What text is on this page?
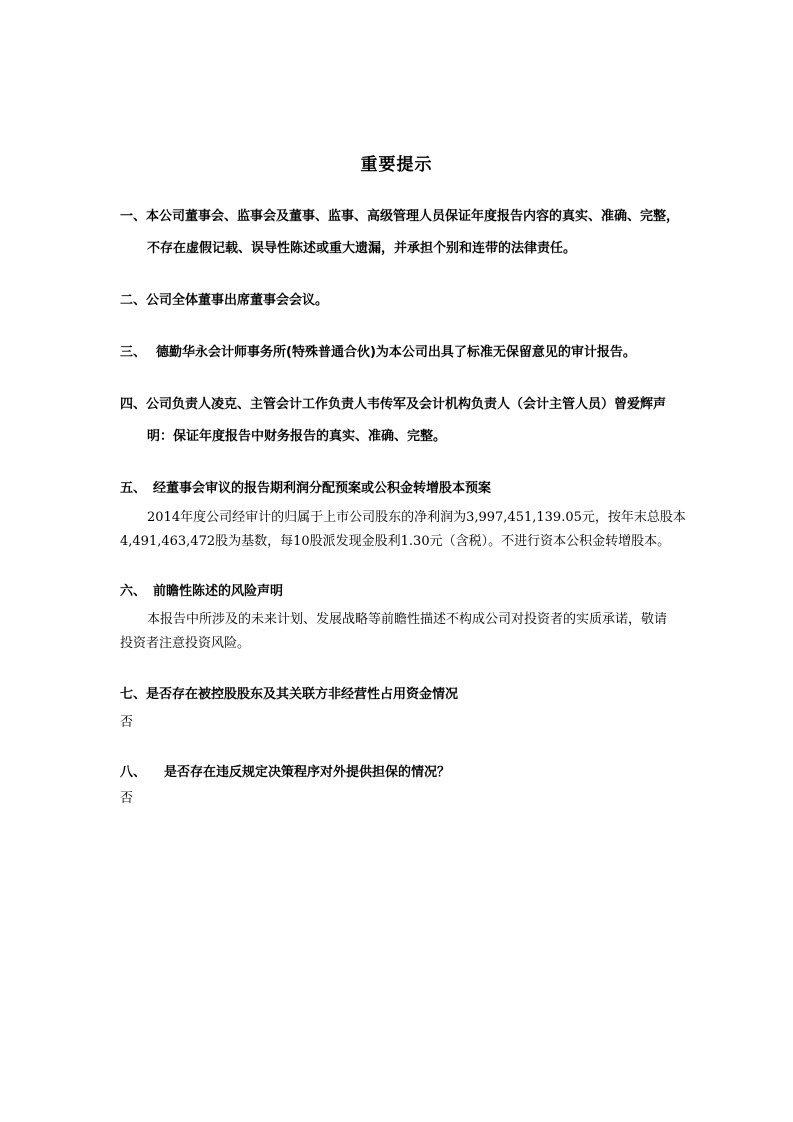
重要提示
一、本公司董事会、监事会及董事、监事、高级管理人员保证年度报告内容的真实、准确、完整，
不存在虚假记载、误导性陈述或重大遗漏，并承担个别和连带的法律责任。
二、公司全体董事出席董事会会议。
三、 德勤华永会计师事务所(特殊普通合伙)为本公司出具了标准无保留意见的审计报告。
四、公司负责人凌克、主管会计工作负责人韦传军及会计机构负责人（会计主管人员）曾爱辉声
明：保证年度报告中财务报告的真实、准确、完整。
五、 经董事会审议的报告期利润分配预案或公积金转增股本预案
2014年度公司经审计的归属于上市公司股东的净利润为3,997,451,139.05元，按年末总股本
4,491,463,472股为基数，每10股派发现金股利1.30元（含税）。不进行资本公积金转增股本。
六、 前瞻性陈述的风险声明
本报告中所涉及的未来计划、发展战略等前瞻性描述不构成公司对投资者的实质承诺，敬请
投资者注意投资风险。
七、是否存在被控股股东及其关联方非经营性占用资金情况
否
八、 是否存在违反规定决策程序对外提供担保的情况？
否
